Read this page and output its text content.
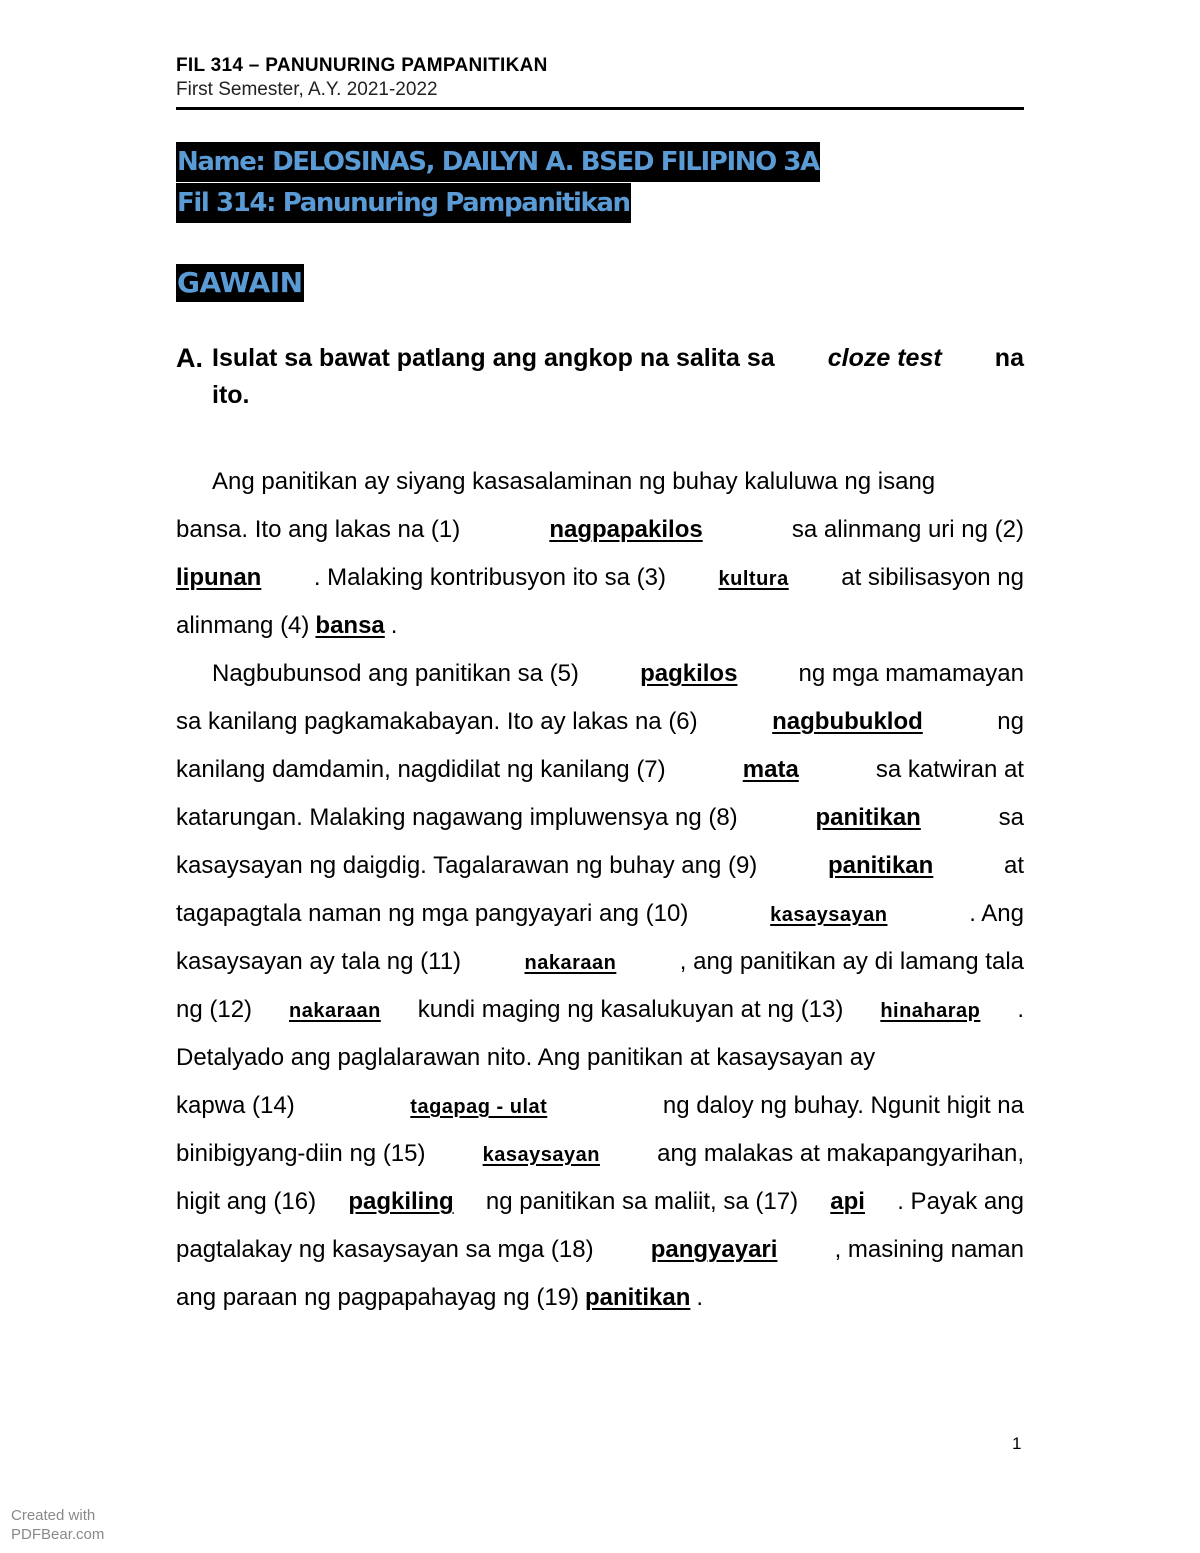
FIL 314 – PANUNURING PAMPANITIKAN
First Semester, A.Y. 2021-2022
Name: DELOSINAS, DAILYN A. BSED FILIPINO 3A
Fil 314: Panunuring Pampanitikan
GAWAIN
A. Isulat sa bawat patlang ang angkop na salita sa cloze test na
ito.
Ang panitikan ay siyang kasasalaminan ng buhay kaluluwa ng isang
bansa. Ito ang lakas na (1)	nagpapakilos	sa alinmang uri ng (2)
lipunan . Malaking kontribusyon ito sa (3)	kultura at sibilisasyon ng
alinmang (4) bansa .
Nagbubunsod ang panitikan sa (5)	pagkilos	ng mga mamamayan
sa kanilang pagkamakabayan. Ito ay lakas na (6)	nagbubuklod	ng
kanilang damdamin, nagdidilat ng kanilang (7)	mata	sa katwiran at
katarungan. Malaking nagawang impluwensya ng (8)	panitikan	sa
kasaysayan ng daigdig. Tagalarawan ng buhay ang (9)	panitikan	at
tagapagtala naman ng mga pangyayari ang (10)	kasaysayan	. Ang
kasaysayan ay tala ng (11)	nakaraan	, ang panitikan ay di lamang tala
ng (12) nakaraan kundi maging ng kasalukuyan at ng (13) hinaharap .
Detalyado ang paglalarawan nito. Ang panitikan at kasaysayan ay
kapwa (14)	tagapag - ulat	ng daloy ng buhay. Ngunit higit na
binibigyang-diin ng (15)	kasaysayan ang malakas at makapangyarihan,
higit ang (16) pagkiling ng panitikan sa maliit, sa (17) api . Payak ang
pagtalakay ng kasaysayan sa mga (18) pangyayari , masining naman
ang paraan ng pagpapahayag ng (19) panitikan .
1
Created with
PDFBear.com
